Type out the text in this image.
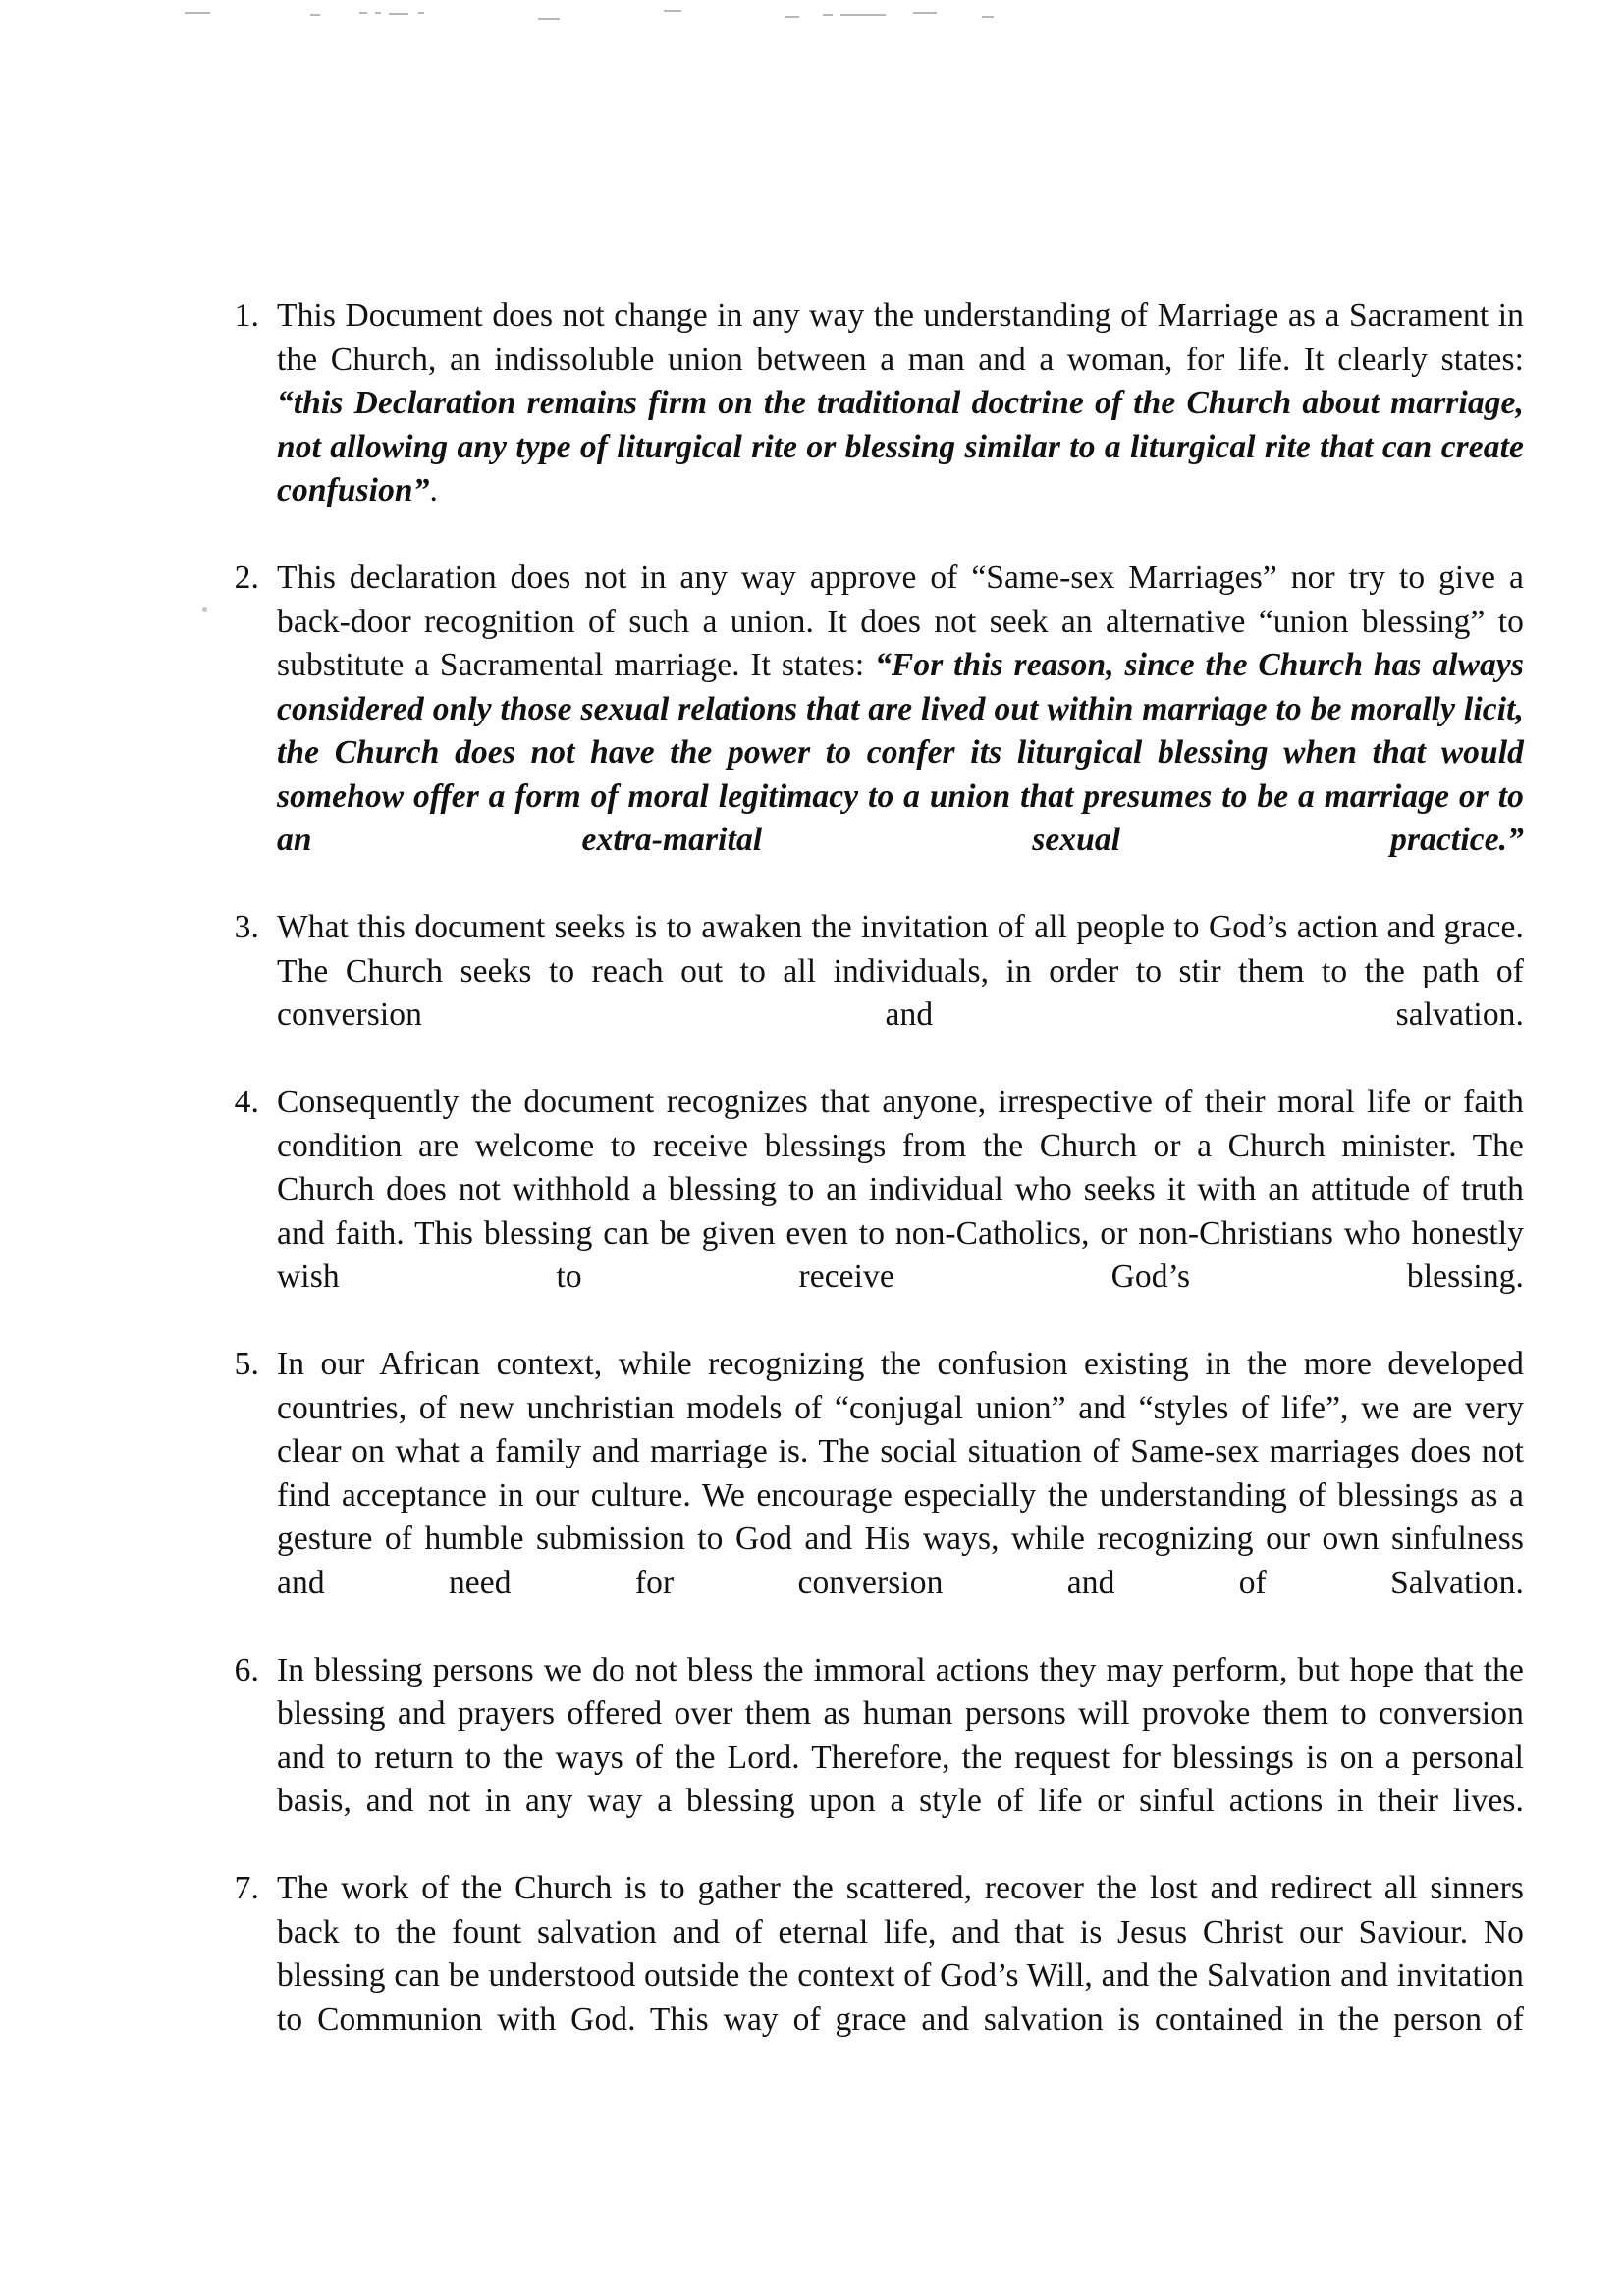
1. This Document does not change in any way the understanding of Marriage as a Sacrament in the Church, an indissoluble union between a man and a woman, for life. It clearly states: “this Declaration remains firm on the traditional doctrine of the Church about marriage, not allowing any type of liturgical rite or blessing similar to a liturgical rite that can create confusion”.

2. This declaration does not in any way approve of “Same-sex Marriages” nor try to give a back-door recognition of such a union. It does not seek an alternative “union blessing” to substitute a Sacramental marriage. It states: “For this reason, since the Church has always considered only those sexual relations that are lived out within marriage to be morally licit, the Church does not have the power to confer its liturgical blessing when that would somehow offer a form of moral legitimacy to a union that presumes to be a marriage or to an extra-marital sexual practice.”

3. What this document seeks is to awaken the invitation of all people to God’s action and grace. The Church seeks to reach out to all individuals, in order to stir them to the path of conversion and salvation.

4. Consequently the document recognizes that anyone, irrespective of their moral life or faith condition are welcome to receive blessings from the Church or a Church minister. The Church does not withhold a blessing to an individual who seeks it with an attitude of truth and faith. This blessing can be given even to non-Catholics, or non-Christians who honestly wish to receive God’s blessing.

5. In our African context, while recognizing the confusion existing in the more developed countries, of new unchristian models of “conjugal union” and “styles of life”, we are very clear on what a family and marriage is. The social situation of Same-sex marriages does not find acceptance in our culture. We encourage especially the understanding of blessings as a gesture of humble submission to God and His ways, while recognizing our own sinfulness and need for conversion and of Salvation.

6. In blessing persons we do not bless the immoral actions they may perform, but hope that the blessing and prayers offered over them as human persons will provoke them to conversion and to return to the ways of the Lord. Therefore, the request for blessings is on a personal basis, and not in any way a blessing upon a style of life or sinful actions in their lives.

7. The work of the Church is to gather the scattered, recover the lost and redirect all sinners back to the fount salvation and of eternal life, and that is Jesus Christ our Saviour. No blessing can be understood outside the context of God’s Will, and the Salvation and invitation to Communion with God. This way of grace and salvation is contained in the person of
